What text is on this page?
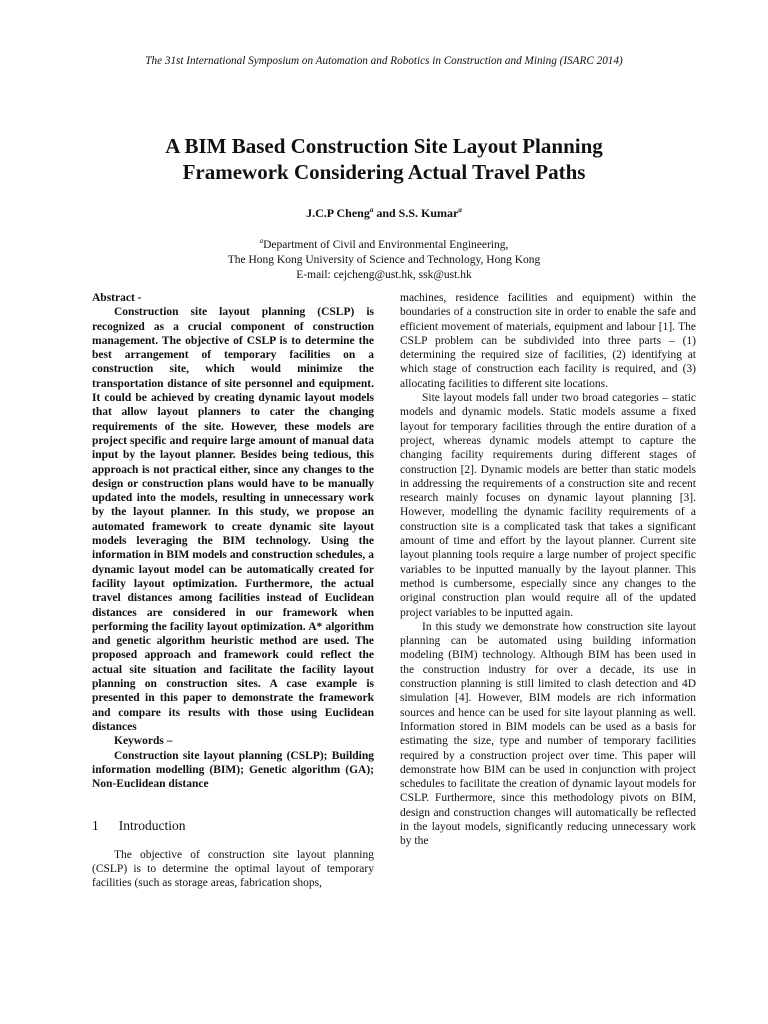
The 31st International Symposium on Automation and Robotics in Construction and Mining (ISARC 2014)
A BIM Based Construction Site Layout Planning
Framework Considering Actual Travel Paths
J.C.P Cheng$^a$ and S.S. Kumar$^a$
$^a$Department of Civil and Environmental Engineering,
The Hong Kong University of Science and Technology, Hong Kong
E-mail: cejcheng@ust.hk, ssk@ust.hk

Abstract -

Construction site layout planning (CSLP) is recognized as a crucial component of construction management. The objective of CSLP is to determine the best arrangement of temporary facilities on a construction site, which would minimize the transportation distance of site personnel and equipment. It could be achieved by creating dynamic layout models that allow layout planners to cater the changing requirements of the site. However, these models are project specific and require large amount of manual data input by the layout planner. Besides being tedious, this approach is not practical either, since any changes to the design or construction plans would have to be manually updated into the models, resulting in unnecessary work by the layout planner. In this study, we propose an automated framework to create dynamic site layout models leveraging the BIM technology. Using the information in BIM models and construction schedules, a dynamic layout model can be automatically created for facility layout optimization. Furthermore, the actual travel distances among facilities instead of Euclidean distances are considered in our framework when performing the facility layout optimization. A* algorithm and genetic algorithm heuristic method are used. The proposed approach and framework could reflect the actual site situation and facilitate the facility layout planning on construction sites. A case example is presented in this paper to demonstrate the framework and compare its results with those using Euclidean distances

Keywords –

Construction site layout planning (CSLP); Building information modelling (BIM); Genetic algorithm (GA); Non-Euclidean distance

1 Introduction

The objective of construction site layout planning (CSLP) is to determine the optimal layout of temporary facilities (such as storage areas, fabrication shops,

machines, residence facilities and equipment) within the boundaries of a construction site in order to enable the safe and efficient movement of materials, equipment and labour [1]. The CSLP problem can be subdivided into three parts – (1) determining the required size of facilities, (2) identifying at which stage of construction each facility is required, and (3) allocating facilities to different site locations.

Site layout models fall under two broad categories – static models and dynamic models. Static models assume a fixed layout for temporary facilities through the entire duration of a project, whereas dynamic models attempt to capture the changing facility requirements during different stages of construction [2]. Dynamic models are better than static models in addressing the requirements of a construction site and recent research mainly focuses on dynamic layout planning [3]. However, modelling the dynamic facility requirements of a construction site is a complicated task that takes a significant amount of time and effort by the layout planner. Current site layout planning tools require a large number of project specific variables to be inputted manually by the layout planner. This method is cumbersome, especially since any changes to the original construction plan would require all of the updated project variables to be inputted again.

In this study we demonstrate how construction site layout planning can be automated using building information modeling (BIM) technology. Although BIM has been used in the construction industry for over a decade, its use in construction planning is still limited to clash detection and 4D simulation [4]. However, BIM models are rich information sources and hence can be used for site layout planning as well. Information stored in BIM models can be used as a basis for estimating the size, type and number of temporary facilities required by a construction project over time. This paper will demonstrate how BIM can be used in conjunction with project schedules to facilitate the creation of dynamic layout models for CSLP. Furthermore, since this methodology pivots on BIM, design and construction changes will automatically be reflected in the layout models, significantly reducing unnecessary work by the
